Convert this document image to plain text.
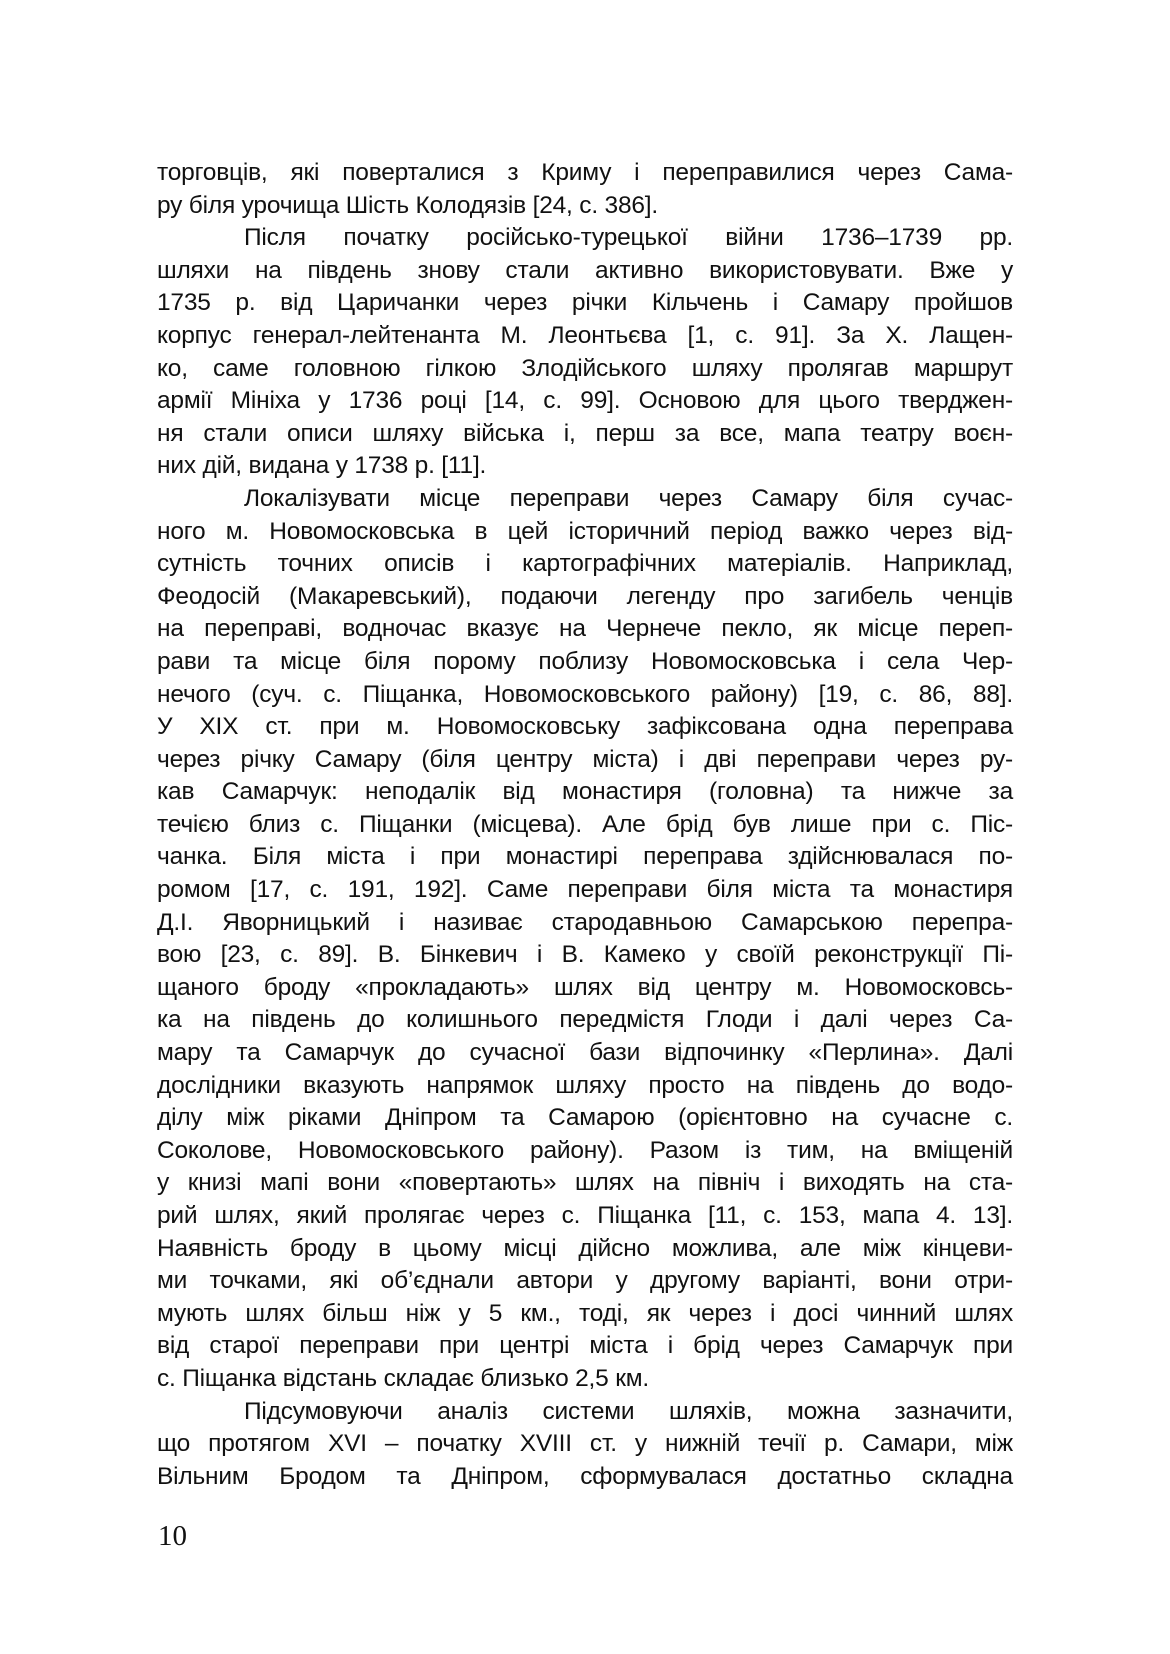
торговців, які поверталися з Криму і переправилися через Сама-
ру біля урочища Шість Колодязів [24, с. 386].
Після початку російсько-турецької війни 1736–1739 рр.
шляхи на південь знову стали активно використовувати. Вже у
1735 р. від Царичанки через річки Кільчень і Самару пройшов
корпус генерал-лейтенанта М. Леонтьєва [1, с. 91]. За Х. Лащен-
ко, саме головною гілкою Злодійського шляху пролягав маршрут
армії Мініха у 1736 році [14, с. 99]. Основою для цього тверджен-
ня стали описи шляху війська і, перш за все, мапа театру воєн-
них дій, видана у 1738 р. [11].
Локалізувати місце переправи через Самару біля сучас-
ного м. Новомосковська в цей історичний період важко через від-
сутність точних описів і картографічних матеріалів. Наприклад,
Феодосій (Макаревський), подаючи легенду про загибель ченців
на переправі, водночас вказує на Чернече пекло, як місце переп-
рави та місце біля порому поблизу Новомосковська і села Чер-
нечого (суч. с. Піщанка, Новомосковського району) [19, с. 86, 88].
У XIX ст. при м. Новомосковську зафіксована одна переправа
через річку Самару (біля центру міста) і дві переправи через ру-
кав Самарчук: неподалік від монастиря (головна) та нижче за
течією близ с. Піщанки (місцева). Але брід був лише при с. Піс-
чанка. Біля міста і при монастирі переправа здійснювалася по-
ромом [17, с. 191, 192]. Саме переправи біля міста та монастиря
Д.І. Яворницький і називає стародавньою Самарською перепра-
вою [23, с. 89]. В. Бінкевич і В. Камеко у своїй реконструкції Пі-
щаного броду «прокладають» шлях від центру м. Новомосковсь-
ка на південь до колишнього передмістя Глоди і далі через Са-
мару та Самарчук до сучасної бази відпочинку «Перлина». Далі
дослідники вказують напрямок шляху просто на південь до водо-
ділу між ріками Дніпром та Самарою (орієнтовно на сучасне с.
Соколове, Новомосковського району). Разом із тим, на вміщеній
у книзі мапі вони «повертають» шлях на північ і виходять на ста-
рий шлях, який пролягає через с. Піщанка [11, с. 153, мапа 4. 13].
Наявність броду в цьому місці дійсно можлива, але між кінцеви-
ми точками, які об’єднали автори у другому варіанті, вони отри-
мують шлях більш ніж у 5 км., тоді, як через і досі чинний шлях
від старої переправи при центрі міста і брід через Самарчук при
с. Піщанка відстань складає близько 2,5 км.
Підсумовуючи аналіз системи шляхів, можна зазначити,
що протягом XVI – початку XVIII ст. у нижній течії р. Самари, між
Вільним Бродом та Дніпром, сформувалася достатньо складна
10
